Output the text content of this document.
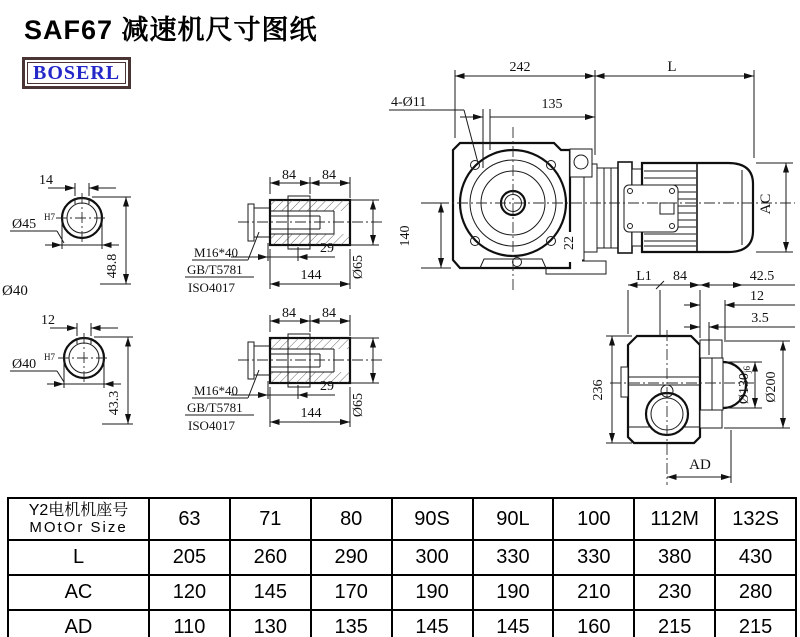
14
Ø45 H7
48.8
Ø40
12
Ø40 H7
43.3
84 84
Ø65
29
144
M16*40
GB/T5781
ISO4017
84 84
Ø65
29
144
M16*40
GB/T5781
ISO4017
22
242	L
135
4-Ø11
140
AC
236
L1 84	42.5
12
3.5
Ø130j6
Ø200
AD
SAF67 减速机尺寸图纸
BOSERL
Y2电机机座号
MOtOr Size	63	71	80	90S	90L	100	112M	132S
L	205	260	290	300	330	330	380	430
AC	120	145	170	190	190	210	230	280
AD	110	130	135	145	145	160	215	215
